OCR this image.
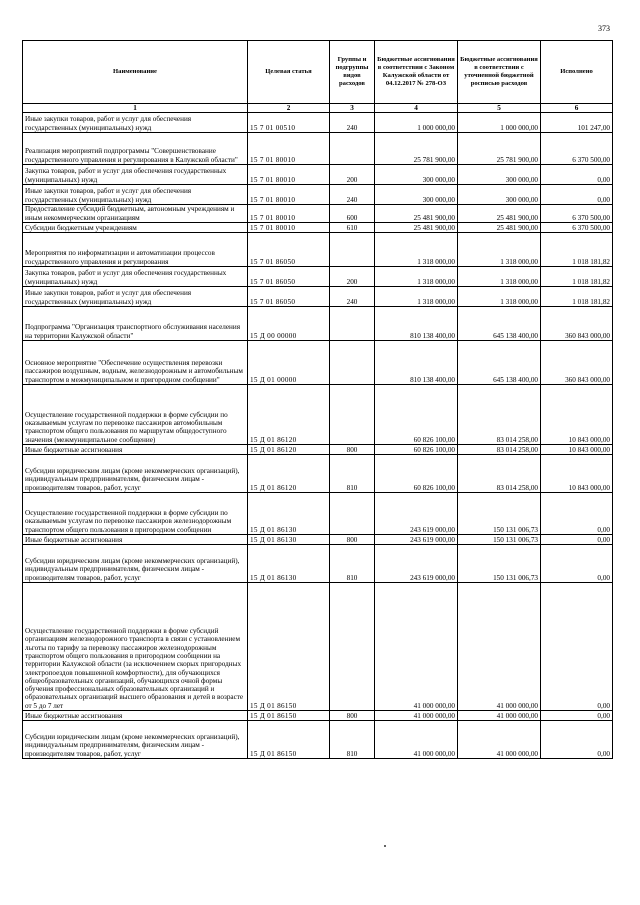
373
Наименование	Целевая статья	Группы и подгруппы видов расходов	Бюджетные ассигнования в соответствии с Законом Калужской области от 04.12.2017 № 278-ОЗ	Бюджетные ассигнования в соответствии с уточненной бюджетной росписью расходов	Исполнено
1	2	3	4	5	6
Иные закупки товаров, работ и услуг для обеспечения государственных (муниципальных) нужд	15 7 01 00510	240	1 000 000,00	1 000 000,00	101 247,00
Реализация мероприятий подпрограммы "Совершенствование государственного управления и регулирования в Калужской области"	15 7 01 80010		25 781 900,00	25 781 900,00	6 370 500,00
Закупка товаров, работ и услуг для обеспечения государственных (муниципальных) нужд	15 7 01 80010	200	300 000,00	300 000,00	0,00
Иные закупки товаров, работ и услуг для обеспечения государственных (муниципальных) нужд	15 7 01 80010	240	300 000,00	300 000,00	0,00
Предоставление субсидий бюджетным, автономным учреждениям и иным некоммерческим организациям	15 7 01 80010	600	25 481 900,00	25 481 900,00	6 370 500,00
Субсидии бюджетным учреждениям	15 7 01 80010	610	25 481 900,00	25 481 900,00	6 370 500,00
Мероприятия по информатизации и автоматизации процессов государственного управления и регулирования	15 7 01 86050		1 318 000,00	1 318 000,00	1 018 181,82
Закупка товаров, работ и услуг для обеспечения государственных (муниципальных) нужд	15 7 01 86050	200	1 318 000,00	1 318 000,00	1 018 181,82
Иные закупки товаров, работ и услуг для обеспечения государственных (муниципальных) нужд	15 7 01 86050	240	1 318 000,00	1 318 000,00	1 018 181,82
Подпрограмма "Организация транспортного обслуживания населения на территории Калужской области"	15 Д 00 00000		810 138 400,00	645 138 400,00	360 843 000,00
Основное мероприятие "Обеспечение осуществления перевозки пассажиров воздушным, водным, железнодорожным и автомобильным транспортом в межмуниципальном и пригородном сообщении"	15 Д 01 00000		810 138 400,00	645 138 400,00	360 843 000,00
Осуществление государственной поддержки в форме субсидии по оказываемым услугам по перевозке пассажиров автомобильным транспортом общего пользования по маршрутам общедоступного значения (межмуниципальное сообщение)	15 Д 01 86120		60 826 100,00	83 014 258,00	10 843 000,00
Иные бюджетные ассигнования	15 Д 01 86120	800	60 826 100,00	83 014 258,00	10 843 000,00
Субсидии юридическим лицам (кроме некоммерческих организаций), индивидуальным предпринимателям, физическим лицам - производителям товаров, работ, услуг	15 Д 01 86120	810	60 826 100,00	83 014 258,00	10 843 000,00
Осуществление государственной поддержки в форме субсидии по оказываемым услугам по перевозке пассажиров железнодорожным транспортом общего пользования в пригородном сообщении	15 Д 01 86130		243 619 000,00	150 131 006,73	0,00
Иные бюджетные ассигнования	15 Д 01 86130	800	243 619 000,00	150 131 006,73	0,00
Субсидии юридическим лицам (кроме некоммерческих организаций), индивидуальным предпринимателям, физическим лицам - производителям товаров, работ, услуг	15 Д 01 86130	810	243 619 000,00	150 131 006,73	0,00
Осуществление государственной поддержки в форме субсидий организациям железнодорожного транспорта в связи с установлением льготы по тарифу за перевозку пассажиров железнодорожным транспортом общего пользования в пригородном сообщении на территории Калужской области (за исключением скорых пригородных электропоездов повышенной комфортности), для обучающихся общеобразовательных организаций, обучающихся очной формы обучения профессиональных образовательных организаций и образовательных организаций высшего образования и детей в возрасте от 5 до 7 лет	15 Д 01 86150		41 000 000,00	41 000 000,00	0,00
Иные бюджетные ассигнования	15 Д 01 86150	800	41 000 000,00	41 000 000,00	0,00
Субсидии юридическим лицам (кроме некоммерческих организаций), индивидуальным предпринимателям, физическим лицам - производителям товаров, работ, услуг	15 Д 01 86150	810	41 000 000,00	41 000 000,00	0,00
